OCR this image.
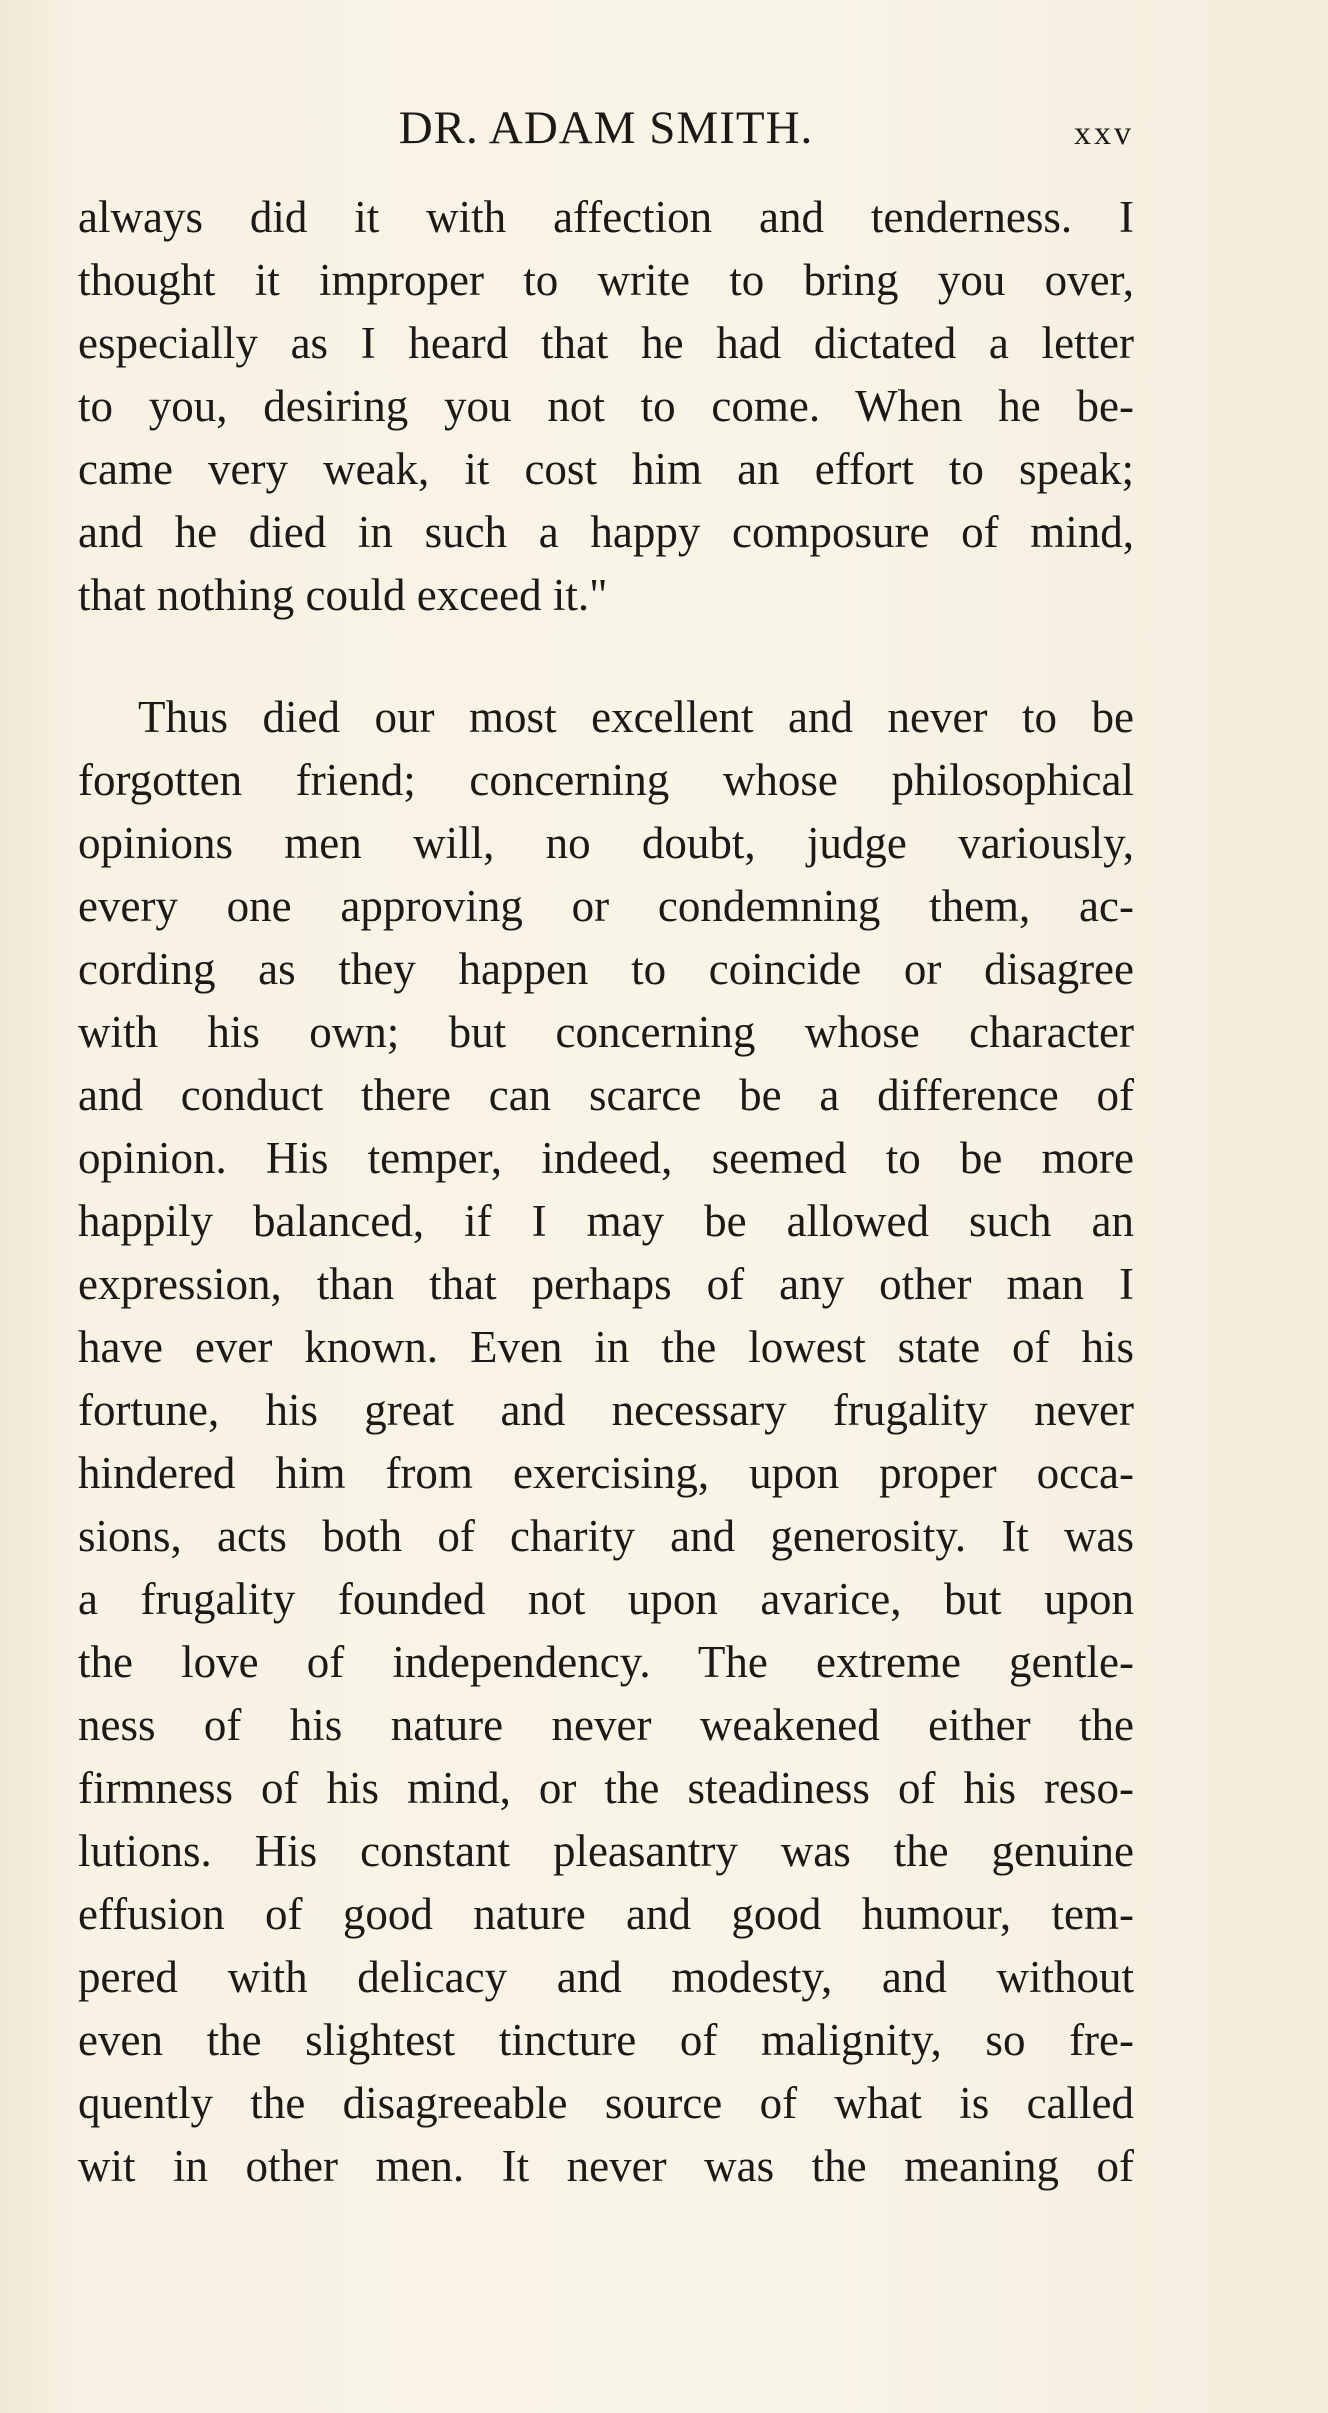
DR. ADAM SMITH.	xxv
always did it with affection and tenderness. I
thought it improper to write to bring you over,
especially as I heard that he had dictated a letter
to you, desiring you not to come. When he be-
came very weak, it cost him an effort to speak;
and he died in such a happy composure of mind,
that nothing could exceed it."
Thus died our most excellent and never to be
forgotten friend; concerning whose philosophical
opinions men will, no doubt, judge variously,
every one approving or condemning them, ac-
cording as they happen to coincide or disagree
with his own; but concerning whose character
and conduct there can scarce be a difference of
opinion. His temper, indeed, seemed to be more
happily balanced, if I may be allowed such an
expression, than that perhaps of any other man I
have ever known. Even in the lowest state of his
fortune, his great and necessary frugality never
hindered him from exercising, upon proper occa-
sions, acts both of charity and generosity. It was
a frugality founded not upon avarice, but upon
the love of independency. The extreme gentle-
ness of his nature never weakened either the
firmness of his mind, or the steadiness of his reso-
lutions. His constant pleasantry was the genuine
effusion of good nature and good humour, tem-
pered with delicacy and modesty, and without
even the slightest tincture of malignity, so fre-
quently the disagreeable source of what is called
wit in other men. It never was the meaning of
